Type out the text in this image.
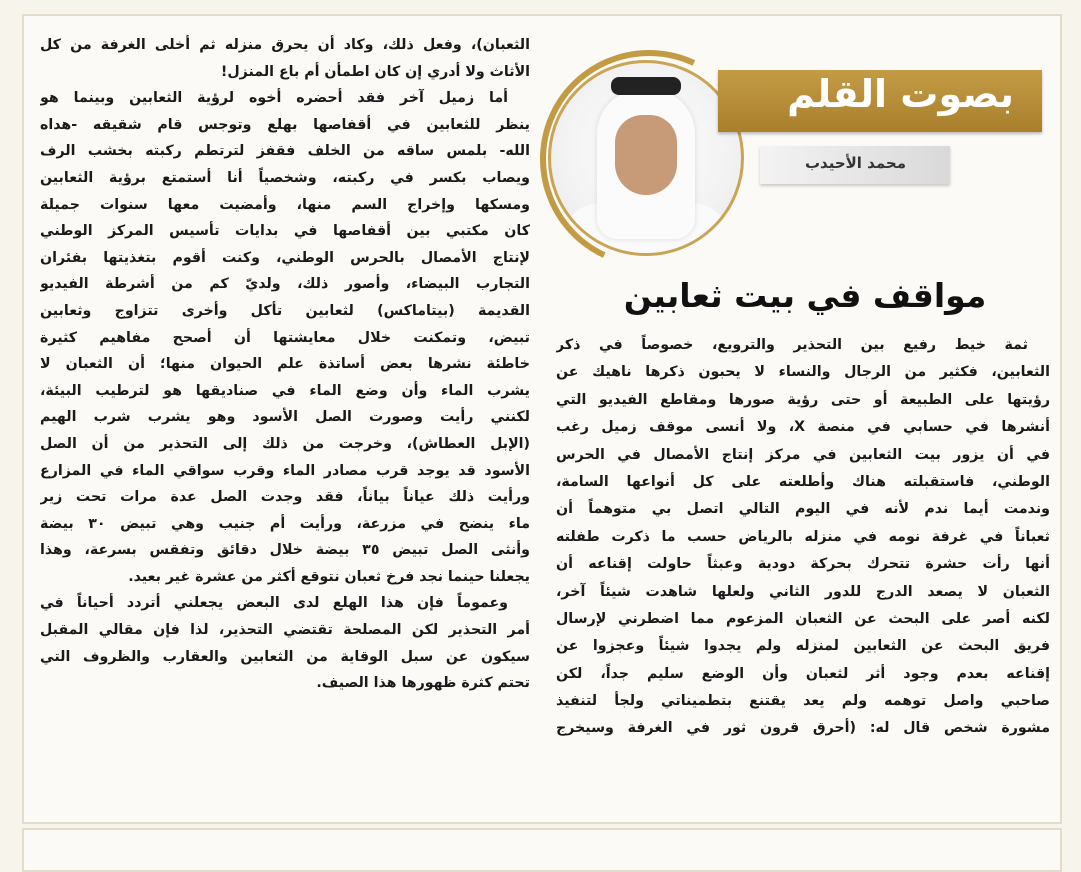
بصوت القلم
محمد الأحيدب
مواقف في بيت ثعابين
ثمة خيط رفيع بين التحذير والترويع، خصوصاً في ذكر
الثعابين، فكثير من الرجال والنساء لا يحبون ذكرها ناهيك عن
رؤيتها على الطبيعة أو حتى رؤية صورها ومقاطع الفيديو التي
أنشرها في حسابي في منصة X، ولا أنسى موقف زميل رغب
في أن يزور بيت الثعابين في مركز إنتاج الأمصال في الحرس
الوطني، فاستقبلته هناك وأطلعته على كل أنواعها السامة،
وندمت أيما ندم لأنه في اليوم التالي اتصل بي متوهماً أن
ثعباناً في غرفة نومه في منزله بالرياض حسب ما ذكرت طفلته
أنها رأت حشرة تتحرك بحركة دودية وعبثاً حاولت إقناعه أن
الثعبان لا يصعد الدرج للدور الثاني ولعلها شاهدت شيئاً آخر،
لكنه أصر على البحث عن الثعبان المزعوم مما اضطرني لإرسال
فريق البحث عن الثعابين لمنزله ولم يجدوا شيئاً وعجزوا عن
إقناعه بعدم وجود أثر لثعبان وأن الوضع سليم جداً، لكن
صاحبي واصل توهمه ولم يعد يقتنع بتطميناتي ولجأ لتنفيذ
مشورة شخص قال له: (أحرق قرون ثور في الغرفة وسيخرج
الثعبان)، وفعل ذلك، وكاد أن يحرق منزله ثم أخلى الغرفة من كل
الأثاث ولا أدري إن كان اطمأن أم باع المنزل!
أما زميل آخر فقد أحضره أخوه لرؤية الثعابين وبينما هو
ينظر للثعابين في أقفاصها بهلع وتوجس قام شقيقه -هداه
الله- بلمس ساقه من الخلف فقفز لترتطم ركبته بخشب الرف
ويصاب بكسر في ركبته، وشخصياً أنا أستمتع برؤية الثعابين
ومسكها وإخراج السم منها، وأمضيت معها سنوات جميلة
كان مكتبي بين أقفاصها في بدايات تأسيس المركز الوطني
لإنتاج الأمصال بالحرس الوطني، وكنت أقوم بتغذيتها بفئران
التجارب البيضاء، وأصور ذلك، ولديّ كم من أشرطة الفيديو
القديمة (بيتاماكس) لثعابين تأكل وأخرى تتزاوج وثعابين
تبيض، وتمكنت خلال معايشتها أن أصحح مفاهيم كثيرة
خاطئة نشرها بعض أساتذة علم الحيوان منها؛ أن الثعبان لا
يشرب الماء وأن وضع الماء في صناديقها هو لترطيب البيئة،
لكنني رأيت وصورت الصل الأسود وهو يشرب شرب الهيم
(الإبل العطاش)، وخرجت من ذلك إلى التحذير من أن الصل
الأسود قد يوجد قرب مصادر الماء وقرب سواقي الماء في المزارع
ورأيت ذلك عياناً بياناً، فقد وجدت الصل عدة مرات تحت زير
ماء ينضح في مزرعة، ورأيت أم جنيب وهي تبيض ٣٠ بيضة
وأنثى الصل تبيض ٣٥ بيضة خلال دقائق وتفقس بسرعة، وهذا
يجعلنا حينما نجد فرخ ثعبان نتوقع أكثر من عشرة غير بعيد.
وعموماً فإن هذا الهلع لدى البعض يجعلني أتردد أحياناً في
أمر التحذير لكن المصلحة تقتضي التحذير، لذا فإن مقالي المقبل
سيكون عن سبل الوقاية من الثعابين والعقارب والظروف التي
تحتم كثرة ظهورها هذا الصيف.
